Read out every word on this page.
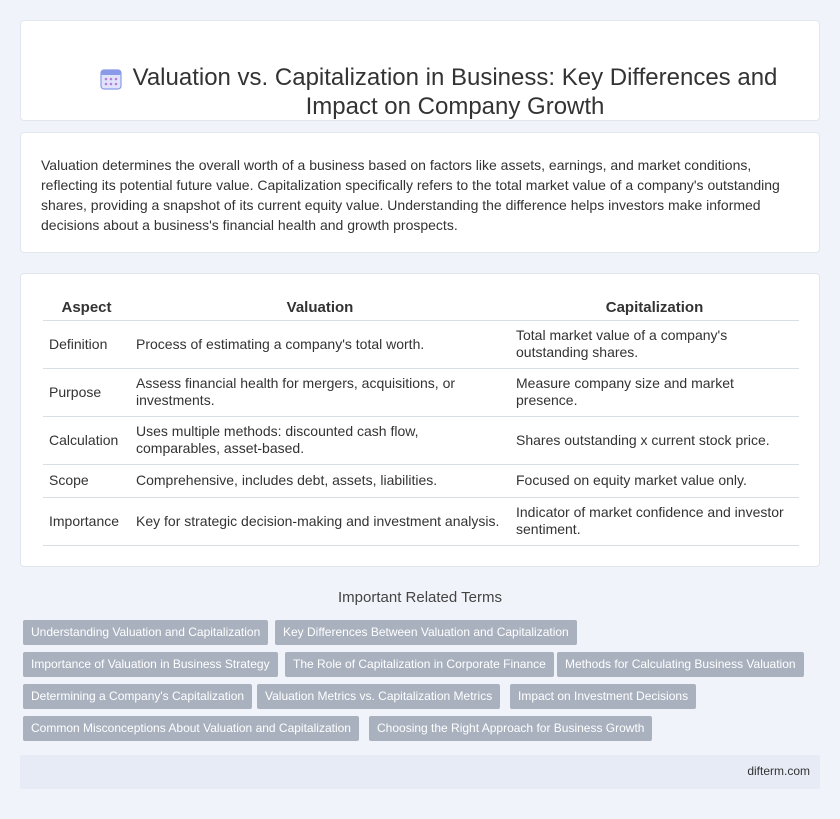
Valuation vs. Capitalization in Business: Key Differences and Impact on Company Growth

Valuation determines the overall worth of a business based on factors like assets, earnings, and market conditions, reflecting its potential future value. Capitalization specifically refers to the total market value of a company's outstanding shares, providing a snapshot of its current equity value. Understanding the difference helps investors make informed decisions about a business's financial health and growth prospects.

Aspect	Valuation	Capitalization
Definition	Process of estimating a company's total worth.	Total market value of a company's outstanding shares.
Purpose	Assess financial health for mergers, acquisitions, or investments.	Measure company size and market presence.
Calculation	Uses multiple methods: discounted cash flow, comparables, asset-based.	Shares outstanding x current stock price.
Scope	Comprehensive, includes debt, assets, liabilities.	Focused on equity market value only.
Importance	Key for strategic decision-making and investment analysis.	Indicator of market confidence and investor sentiment.
Important Related Terms
Understanding Valuation and Capitalization	Key Differences Between Valuation and Capitalization
Importance of Valuation in Business Strategy	The Role of Capitalization in Corporate Finance	Methods for Calculating Business Valuation
Determining a Company's Capitalization	Valuation Metrics vs. Capitalization Metrics	Impact on Investment Decisions
Common Misconceptions About Valuation and Capitalization	Choosing the Right Approach for Business Growth
difterm.com
